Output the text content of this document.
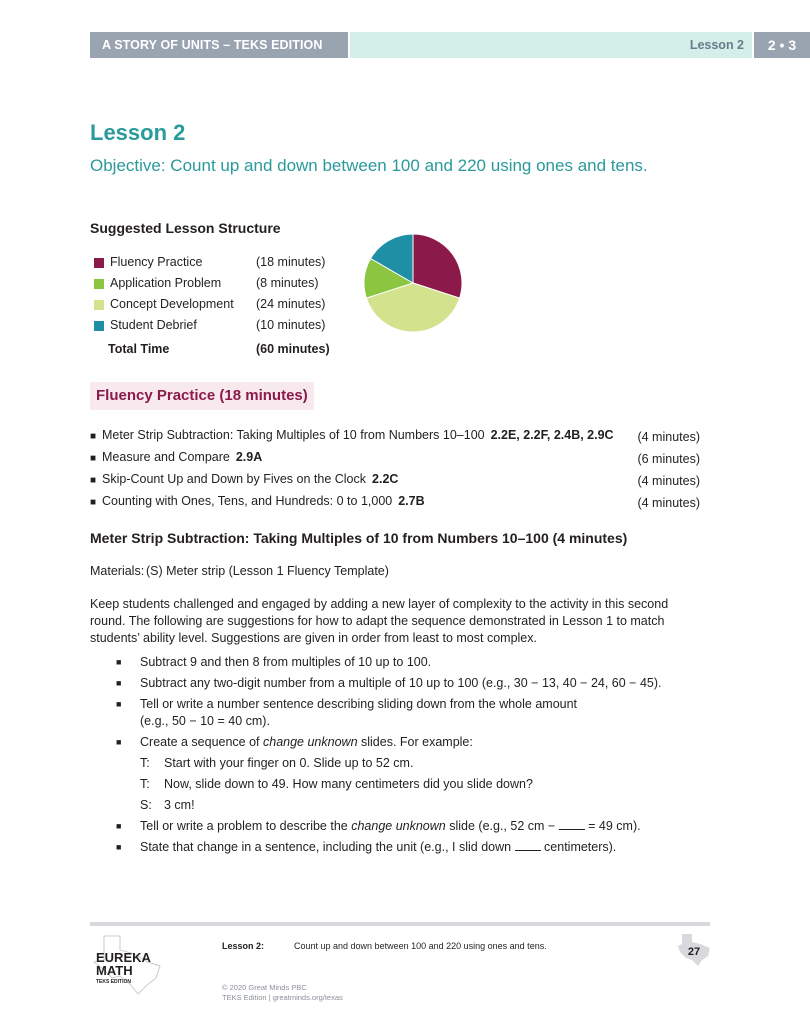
A STORY OF UNITS – TEKS EDITION	Lesson 2	2 • 3
Lesson 2
Objective: Count up and down between 100 and 220 using ones and tens.
Suggested Lesson Structure
Fluency Practice	(18 minutes)
Application Problem	(8 minutes)
Concept Development (24 minutes)
Student Debrief	(10 minutes)
Total Time	(60 minutes)
Fluency Practice (18 minutes)
■ Meter Strip Subtraction: Taking Multiples of 10 from Numbers 10–100 2.2E, 2.2F, 2.4B, 2.9C (4 minutes)
■ Measure and Compare 2.9A	(6 minutes)
■ Skip-Count Up and Down by Fives on the Clock 2.2C	(4 minutes)
■ Counting with Ones, Tens, and Hundreds: 0 to 1,000 2.7B	(4 minutes)
Meter Strip Subtraction: Taking Multiples of 10 from Numbers 10–100 (4 minutes)
Materials: (S) Meter strip (Lesson 1 Fluency Template)
Keep students challenged and engaged by adding a new layer of complexity to the activity in this second round. The following are suggestions for how to adapt the sequence demonstrated in Lesson 1 to match students’ ability level. Suggestions are given in order from least to most complex.
■ Subtract 9 and then 8 from multiples of 10 up to 100.
■ Subtract any two-digit number from a multiple of 10 up to 100 (e.g., 30 − 13, 40 − 24, 60 − 45).
■ Tell or write a number sentence describing sliding down from the whole amount
(e.g., 50 − 10 = 40 cm).
■ Create a sequence of change unknown slides. For example:
T: Start with your finger on 0. Slide up to 52 cm.
T: Now, slide down to 49. How many centimeters did you slide down?
S: 3 cm!
■ Tell or write a problem to describe the change unknown slide (e.g., 52 cm −  = 49 cm).
■ State that change in a sentence, including the unit (e.g., I slid down  centimeters).
EUREKA
MATH
TEKS EDITION
Lesson 2:	Count up and down between 100 and 220 using ones and tens.
© 2020 Great Minds PBC
TEKS Edition | greatminds.org/texas
27
